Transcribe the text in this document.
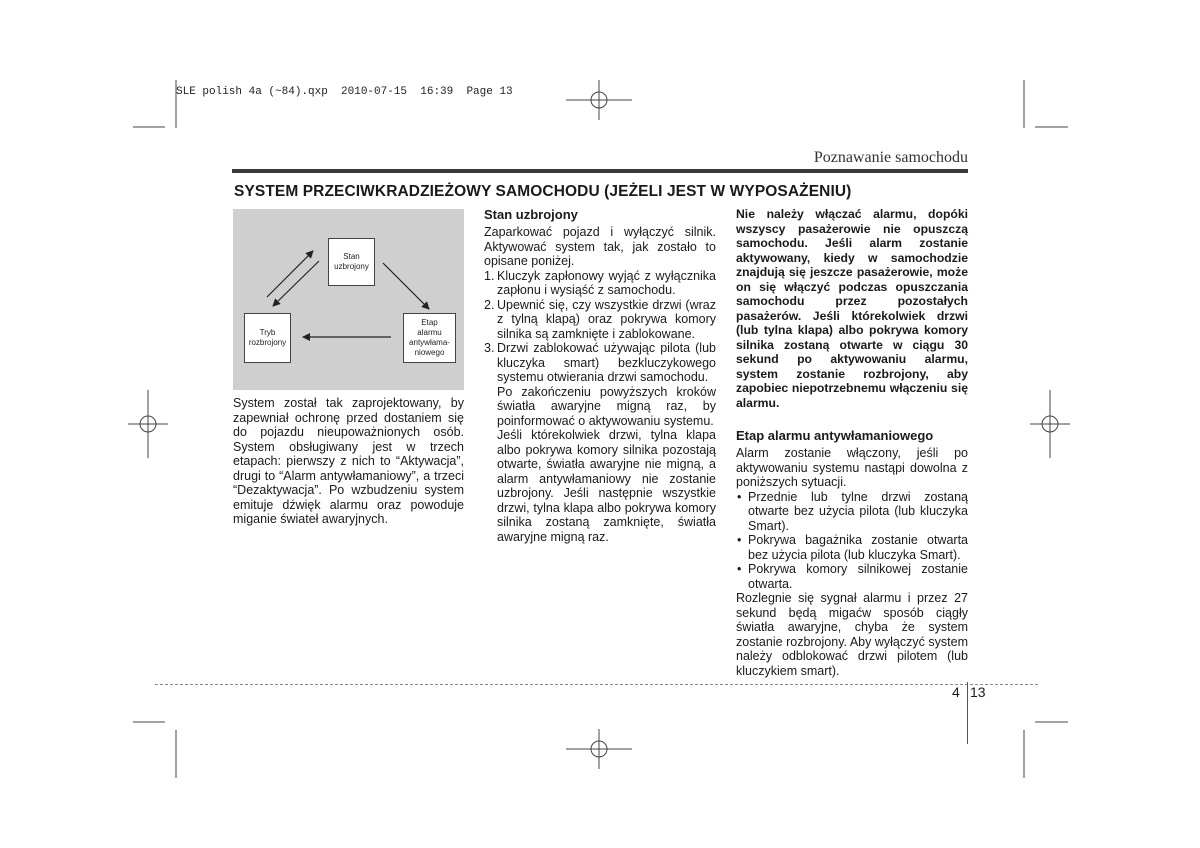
SLE polish 4a (~84).qxp  2010-07-15  16:39  Page 13
Poznawanie samochodu
SYSTEM PRZECIWKRADZIEŻOWY SAMOCHODU (JEŻELI JEST W WYPOSAŻENIU)
Stan
uzbrojony
Etap
alarmu
antywłama-
niowego
Tryb
rozbrojony
System został tak zaprojektowany, by zapewniał ochronę przed dostaniem się do pojazdu nieupoważnionych osób. System obsługiwany jest w trzech etapach: pierwszy z nich to “Aktywacja”, drugi to “Alarm antywłamaniowy”, a trzeci “Dezaktywacja”. Po wzbudzeniu system emituje dźwięk alarmu oraz powoduje miganie świateł awaryjnych.
Stan uzbrojony

Zaparkować pojazd i wyłączyć silnik. Aktywować system tak, jak zostało to opisane poniżej.

1. Kluczyk zapłonowy wyjąć z wyłącznika zapłonu i wysiąść z samochodu.
2. Upewnić się, czy wszystkie drzwi (wraz z tylną klapą) oraz pokrywa komory silnika są zamknięte i zablokowane.
3. Drzwi zablokować używając pilota (lub kluczyka smart) bezkluczykowego systemu otwierania drzwi samochodu.

Po zakończeniu powyższych kroków światła awaryjne migną raz, by poinformować o aktywowaniu systemu.

Jeśli którekolwiek drzwi, tylna klapa albo pokrywa komory silnika pozostają otwarte, światła awaryjne nie migną, a alarm antywłamaniowy nie zostanie uzbrojony. Jeśli następnie wszystkie drzwi, tylna klapa albo pokrywa komory silnika zostaną zamknięte, światła awaryjne migną raz.

Nie należy włączać alarmu, dopóki wszyscy pasażerowie nie opuszczą samochodu. Jeśli alarm zostanie aktywowany, kiedy w samochodzie znajdują się jeszcze pasażerowie, może on się włączyć podczas opuszczania samochodu przez pozostałych pasażerów. Jeśli którekolwiek drzwi (lub tylna klapa) albo pokrywa komory silnika zostaną otwarte w ciągu 30 sekund po aktywowaniu alarmu, system zostanie rozbrojony, aby zapobiec niepotrzebnemu włączeniu się alarmu.

Etap alarmu antywłamaniowego

Alarm zostanie włączony, jeśli po aktywowaniu systemu nastąpi dowolna z poniższych sytuacji.

• Przednie lub tylne drzwi zostaną otwarte bez użycia pilota (lub kluczyka Smart).
• Pokrywa bagażnika zostanie otwarta bez użycia pilota (lub kluczyka Smart).
• Pokrywa komory silnikowej zostanie otwarta.

Rozlegnie się sygnał alarmu i przez 27 sekund będą migaćw sposób ciągły światła awaryjne, chyba że system zostanie rozbrojony. Aby wyłączyć system należy odblokować drzwi pilotem (lub kluczykiem smart).

4 13
